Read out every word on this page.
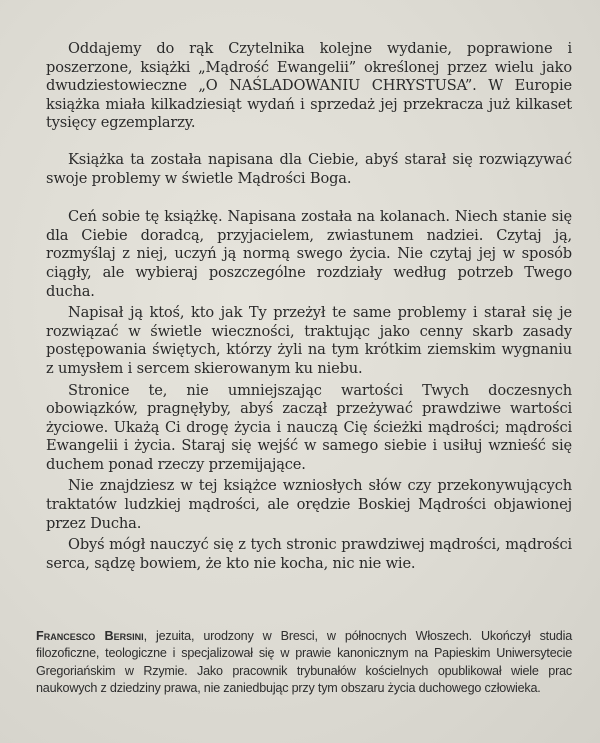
Oddajemy do rąk Czytelnika kolejne wydanie, poprawione i poszerzone, książki „Mądrość Ewangelii” określonej przez wielu jako dwudziestowieczne „O NAŚLADOWANIU CHRYSTUSA”. W Europie książka miała kilkadziesiąt wydań i sprzedaż jej przekracza już kilkaset tysięcy egzemplarzy.

Książka ta została napisana dla Ciebie, abyś starał się rozwiązywać swoje problemy w świetle Mądrości Boga.

Ceń sobie tę książkę. Napisana została na kolanach. Niech stanie się dla Ciebie doradcą, przyjacielem, zwiastunem nadziei. Czytaj ją, rozmyślaj z niej, uczyń ją normą swego życia. Nie czytaj jej w sposób ciągły, ale wybieraj poszczególne rozdziały według potrzeb Twego ducha.

Napisał ją ktoś, kto jak Ty przeżył te same problemy i starał się je rozwiązać w świetle wieczności, traktując jako cenny skarb zasady postępowania świętych, którzy żyli na tym krótkim ziemskim wygnaniu z umysłem i sercem skierowanym ku niebu.

Stronice te, nie umniejszając wartości Twych doczesnych obowiązków, pragnęłyby, abyś zaczął przeżywać prawdziwe wartości życiowe. Ukażą Ci drogę życia i nauczą Cię ścieżki mądrości; mądrości Ewangelii i życia. Staraj się wejść w samego siebie i usiłuj wznieść się duchem ponad rzeczy przemijające.

Nie znajdziesz w tej książce wzniosłych słów czy przekonywujących traktatów ludzkiej mądrości, ale orędzie Boskiej Mądrości objawionej przez Ducha.

Obyś mógł nauczyć się z tych stronic prawdziwej mądrości, mądrości serca, sądzę bowiem, że kto nie kocha, nic nie wie.

Francesco Bersini, jezuita, urodzony w Bresci, w północnych Włoszech. Ukończył studia filozoficzne, teologiczne i specjalizował się w prawie kanonicznym na Papieskim Uniwersytecie Gregoriańskim w Rzymie. Jako pracownik trybunałów kościelnych opublikował wiele prac naukowych z dziedziny prawa, nie zaniedbując przy tym obszaru życia duchowego człowieka.
